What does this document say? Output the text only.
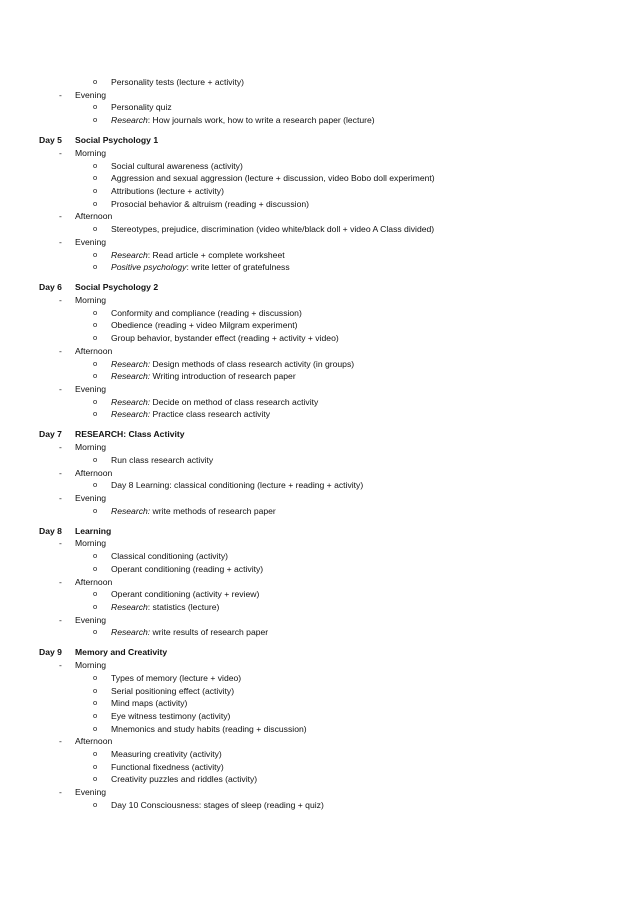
o Personality tests (lecture + activity)
- Evening
o Personality quiz
o Research: How journals work, how to write a research paper (lecture)
Day 5 Social Psychology 1
- Morning
o Social cultural awareness (activity)
o Aggression and sexual aggression (lecture + discussion, video Bobo doll experiment)
o Attributions (lecture + activity)
o Prosocial behavior & altruism (reading + discussion)
- Afternoon
o Stereotypes, prejudice, discrimination (video white/black doll + video A Class divided)
- Evening
o Research: Read article + complete worksheet
o Positive psychology: write letter of gratefulness
Day 6 Social Psychology 2
- Morning
o Conformity and compliance (reading + discussion)
o Obedience (reading + video Milgram experiment)
o Group behavior, bystander effect (reading + activity + video)
- Afternoon
o Research: Design methods of class research activity (in groups)
o Research: Writing introduction of research paper
- Evening
o Research: Decide on method of class research activity
o Research: Practice class research activity
Day 7 RESEARCH: Class Activity
- Morning
o Run class research activity
- Afternoon
o Day 8 Learning: classical conditioning (lecture + reading + activity)
- Evening
o Research: write methods of research paper
Day 8 Learning
- Morning
o Classical conditioning (activity)
o Operant conditioning (reading + activity)
- Afternoon
o Operant conditioning (activity + review)
o Research: statistics (lecture)
- Evening
o Research: write results of research paper
Day 9 Memory and Creativity
- Morning
o Types of memory (lecture + video)
o Serial positioning effect (activity)
o Mind maps (activity)
o Eye witness testimony (activity)
o Mnemonics and study habits (reading + discussion)
- Afternoon
o Measuring creativity (activity)
o Functional fixedness (activity)
o Creativity puzzles and riddles (activity)
- Evening
o Day 10 Consciousness: stages of sleep (reading + quiz)
